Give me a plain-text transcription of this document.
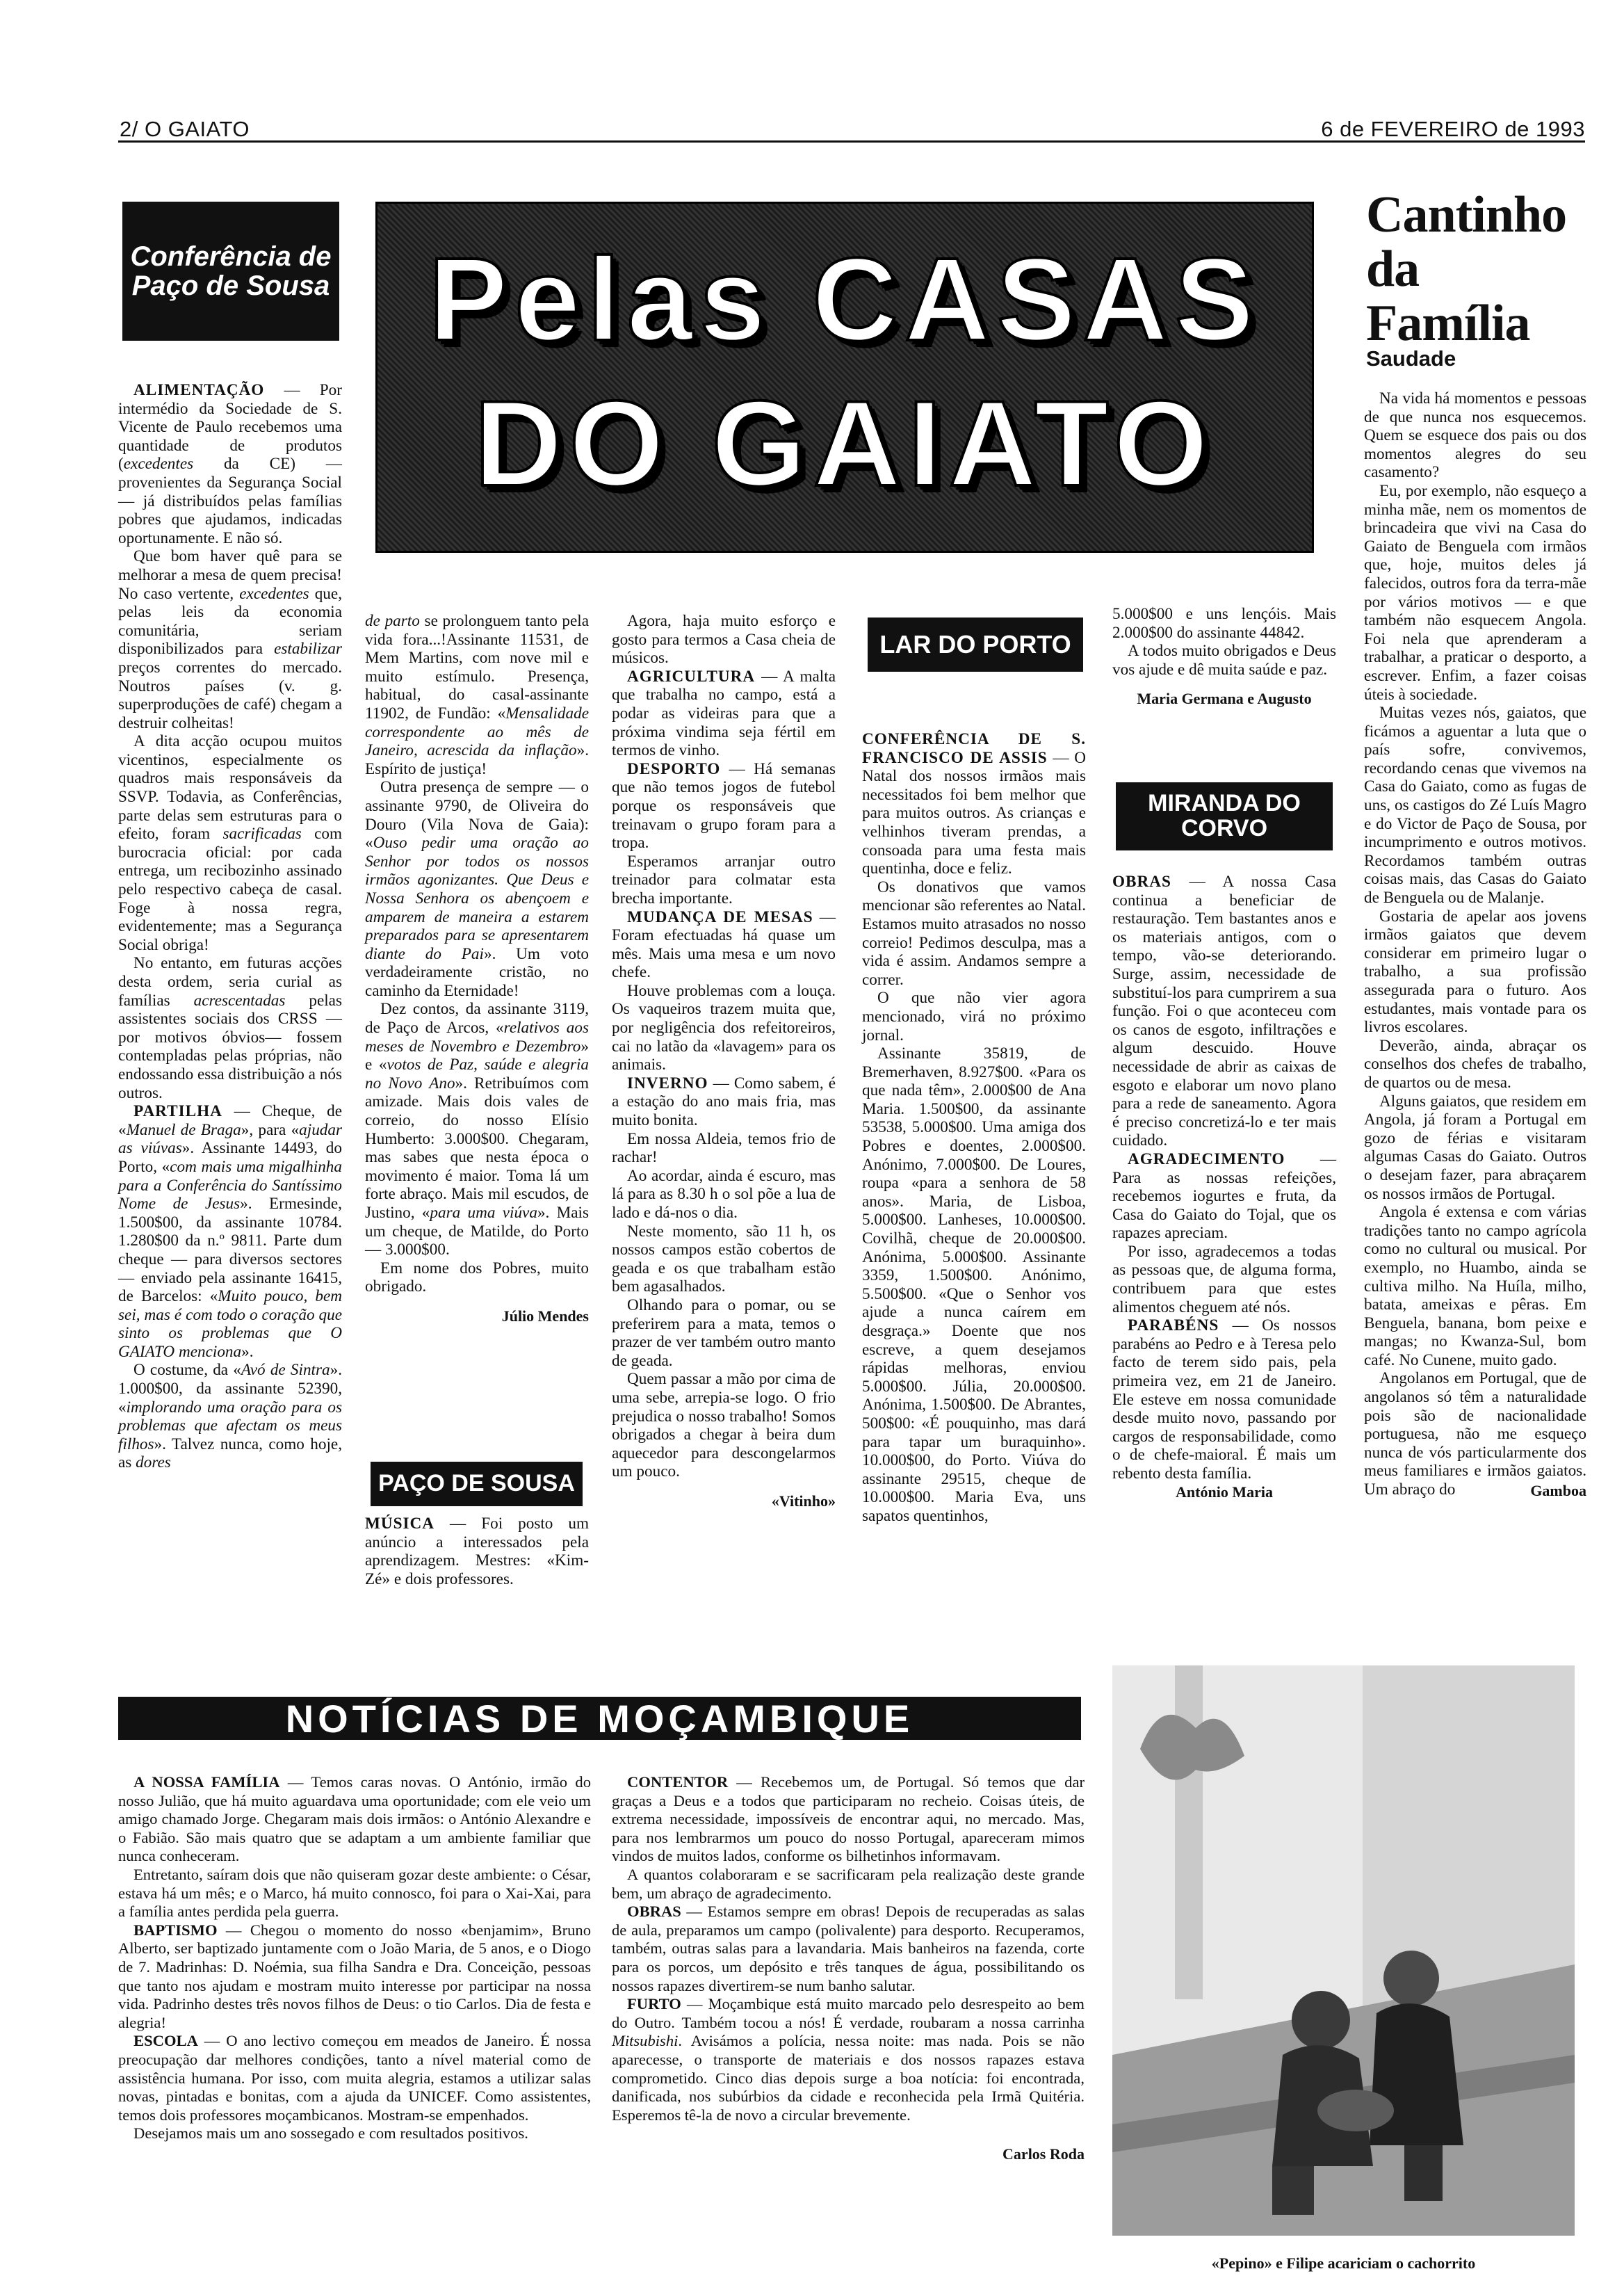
2/ O GAIATO	6 de FEVEREIRO de 1993
Conferência de Paço de Sousa

ALIMENTAÇÃO — Por intermédio da Sociedade de S. Vicente de Paulo recebemos uma quantidade de produtos (excedentes da CE) — provenientes da Segurança Social — já distribuídos pelas famílias pobres que ajudamos, indicadas oportunamente. E não só.

Que bom haver quê para se melhorar a mesa de quem precisa! No caso vertente, excedentes que, pelas leis da economia comunitária, seriam disponibilizados para estabilizar preços correntes do mercado. Noutros países (v. g. superproduções de café) chegam a destruir colheitas!

A dita acção ocupou muitos vicentinos, especialmente os quadros mais responsáveis da SSVP. Todavia, as Conferências, parte delas sem estruturas para o efeito, foram sacrificadas com burocracia oficial: por cada entrega, um recibozinho assinado pelo respectivo cabeça de casal. Foge à nossa regra, evidentemente; mas a Segurança Social obriga!

No entanto, em futuras acções desta ordem, seria curial as famílias acrescentadas pelas assistentes sociais dos CRSS — por motivos óbvios— fossem contempladas pelas próprias, não endossando essa distribuição a nós outros.

PARTILHA — Cheque, de «Manuel de Braga», para «ajudar as viúvas». Assinante 14493, do Porto, «com mais uma migalhinha para a Conferência do Santíssimo Nome de Jesus». Ermesinde, 1.500$00, da assinante 10784. 1.280$00 da n.º 9811. Parte dum cheque — para diversos sectores — enviado pela assinante 16415, de Barcelos: «Muito pouco, bem sei, mas é com todo o coração que sinto os problemas que O GAIATO menciona».

O costume, da «Avó de Sintra». 1.000$00, da assinante 52390, «implorando uma oração para os problemas que afectam os meus filhos». Talvez nunca, como hoje, as dores

Pelas CASAS
DO GAIATO

de parto se prolonguem tanto pela vida fora...!Assinante 11531, de Mem Martins, com nove mil e muito estímulo. Presença, habitual, do casal-assinante 11902, de Fundão: «Mensalidade correspondente ao mês de Janeiro, acrescida da inflação». Espírito de justiça!

Outra presença de sempre — o assinante 9790, de Oliveira do Douro (Vila Nova de Gaia): «Ouso pedir uma oração ao Senhor por todos os nossos irmãos agonizantes. Que Deus e Nossa Senhora os abençoem e amparem de maneira a estarem preparados para se apresentarem diante do Pai». Um voto verdadeiramente cristão, no caminho da Eternidade!

Dez contos, da assinante 3119, de Paço de Arcos, «relativos aos meses de Novembro e Dezembro» e «votos de Paz, saúde e alegria no Novo Ano». Retribuímos com amizade. Mais dois vales de correio, do nosso Elísio Humberto: 3.000$00. Chegaram, mas sabes que nesta época o movimento é maior. Toma lá um forte abraço. Mais mil escudos, de Justino, «para uma viúva». Mais um cheque, de Matilde, do Porto — 3.000$00.

Em nome dos Pobres, muito obrigado.

Júlio Mendes
PAÇO DE SOUSA

MÚSICA — Foi posto um anúncio a interessados pela aprendizagem. Mestres: «Kim-Zé» e dois professores.

Agora, haja muito esforço e gosto para termos a Casa cheia de músicos.

AGRICULTURA — A malta que trabalha no campo, está a podar as videiras para que a próxima vindima seja fértil em termos de vinho.

DESPORTO — Há semanas que não temos jogos de futebol porque os responsáveis que treinavam o grupo foram para a tropa.

Esperamos arranjar outro treinador para colmatar esta brecha importante.

MUDANÇA DE MESAS — Foram efectuadas há quase um mês. Mais uma mesa e um novo chefe.

Houve problemas com a louça. Os vaqueiros trazem muita que, por negligência dos refeitoreiros, cai no latão da «lavagem» para os animais.

INVERNO — Como sabem, é a estação do ano mais fria, mas muito bonita.

Em nossa Aldeia, temos frio de rachar!

Ao acordar, ainda é escuro, mas lá para as 8.30 h o sol põe a lua de lado e dá-nos o dia.

Neste momento, são 11 h, os nossos campos estão cobertos de geada e os que trabalham estão bem agasalhados.

Olhando para o pomar, ou se preferirem para a mata, temos o prazer de ver também outro manto de geada.

Quem passar a mão por cima de uma sebe, arrepia-se logo. O frio prejudica o nosso trabalho! Somos obrigados a chegar à beira dum aquecedor para descongelarmos um pouco.

«Vitinho»
LAR DO PORTO

CONFERÊNCIA DE S. FRANCISCO DE ASSIS — O Natal dos nossos irmãos mais necessitados foi bem melhor que para muitos outros. As crianças e velhinhos tiveram prendas, a consoada para uma festa mais quentinha, doce e feliz.

Os donativos que vamos mencionar são referentes ao Natal. Estamos muito atrasados no nosso correio! Pedimos desculpa, mas a vida é assim. Andamos sempre a correr.

O que não vier agora mencionado, virá no próximo jornal.

Assinante 35819, de Bremerhaven, 8.927$00. «Para os que nada têm», 2.000$00 de Ana Maria. 1.500$00, da assinante 53538, 5.000$00. Uma amiga dos Pobres e doentes, 2.000$00. Anónimo, 7.000$00. De Loures, roupa «para a senhora de 58 anos». Maria, de Lisboa, 5.000$00. Lanheses, 10.000$00. Covilhã, cheque de 20.000$00. Anónima, 5.000$00. Assinante 3359, 1.500$00. Anónimo, 5.500$00. «Que o Senhor vos ajude a nunca caírem em desgraça.» Doente que nos escreve, a quem desejamos rápidas melhoras, enviou 5.000$00. Júlia, 20.000$00. Anónima, 1.500$00. De Abrantes, 500$00: «É pouquinho, mas dará para tapar um buraquinho». 10.000$00, do Porto. Viúva do assinante 29515, cheque de 10.000$00. Maria Eva, uns sapatos quentinhos,

5.000$00 e uns lençóis. Mais 2.000$00 do assinante 44842.

A todos muito obrigados e Deus vos ajude e dê muita saúde e paz.

Maria Germana e Augusto
MIRANDA DO CORVO

OBRAS — A nossa Casa continua a beneficiar de restauração. Tem bastantes anos e os materiais antigos, com o tempo, vão-se deteriorando. Surge, assim, necessidade de substituí-los para cumprirem a sua função. Foi o que aconteceu com os canos de esgoto, infiltrações e algum descuido. Houve necessidade de abrir as caixas de esgoto e elaborar um novo plano para a rede de saneamento. Agora é preciso concretizá-lo e ter mais cuidado.

AGRADECIMENTO — Para as nossas refeições, recebemos iogurtes e fruta, da Casa do Gaiato do Tojal, que os rapazes apreciam.

Por isso, agradecemos a todas as pessoas que, de alguma forma, contribuem para que estes alimentos cheguem até nós.

PARABÉNS — Os nossos parabéns ao Pedro e à Teresa pelo facto de terem sido pais, pela primeira vez, em 21 de Janeiro. Ele esteve em nossa comunidade desde muito novo, passando por cargos de responsabilidade, como o de chefe-maioral. É mais um rebento desta família.

António Maria
Cantinho da Família
Saudade

Na vida há momentos e pessoas de que nunca nos esquecemos. Quem se esquece dos pais ou dos momentos alegres do seu casamento?

Eu, por exemplo, não esqueço a minha mãe, nem os momentos de brincadeira que vivi na Casa do Gaiato de Benguela com irmãos que, hoje, muitos deles já falecidos, outros fora da terra-mãe por vários motivos — e que também não esquecem Angola. Foi nela que aprenderam a trabalhar, a praticar o desporto, a escrever. Enfim, a fazer coisas úteis à sociedade.

Muitas vezes nós, gaiatos, que ficámos a aguentar a luta que o país sofre, convivemos, recordando cenas que vivemos na Casa do Gaiato, como as fugas de uns, os castigos do Zé Luís Magro e do Victor de Paço de Sousa, por incumprimento e outros motivos. Recordamos também outras coisas mais, das Casas do Gaiato de Benguela ou de Malanje.

Gostaria de apelar aos jovens irmãos gaiatos que devem considerar em primeiro lugar o trabalho, a sua profissão assegurada para o futuro. Aos estudantes, mais vontade para os livros escolares.

Deverão, ainda, abraçar os conselhos dos chefes de trabalho, de quartos ou de mesa.

Alguns gaiatos, que residem em Angola, já foram a Portugal em gozo de férias e visitaram algumas Casas do Gaiato. Outros o desejam fazer, para abraçarem os nossos irmãos de Portugal.

Angola é extensa e com várias tradições tanto no campo agrícola como no cultural ou musical. Por exemplo, no Huambo, ainda se cultiva milho. Na Huíla, milho, batata, ameixas e pêras. Em Benguela, banana, bom peixe e mangas; no Kwanza-Sul, bom café. No Cunene, muito gado.

Angolanos em Portugal, que de angolanos só têm a naturalidade pois são de nacionalidade portuguesa, não me esqueço nunca de vós particularmente dos meus familiares e irmãos gaiatos. Um abraço do	Gamboa
NOTÍCIAS DE MOÇAMBIQUE

A NOSSA FAMÍLIA — Temos caras novas. O António, irmão do nosso Julião, que há muito aguardava uma oportunidade; com ele veio um amigo chamado Jorge. Chegaram mais dois irmãos: o António Alexandre e o Fabião. São mais quatro que se adaptam a um ambiente familiar que nunca conheceram.

Entretanto, saíram dois que não quiseram gozar deste ambiente: o César, estava há um mês; e o Marco, há muito connosco, foi para o Xai-Xai, para a família antes perdida pela guerra.

BAPTISMO — Chegou o momento do nosso «benjamim», Bruno Alberto, ser baptizado juntamente com o João Maria, de 5 anos, e o Diogo de 7. Madrinhas: D. Noémia, sua filha Sandra e Dra. Conceição, pessoas que tanto nos ajudam e mostram muito interesse por participar na nossa vida. Padrinho destes três novos filhos de Deus: o tio Carlos. Dia de festa e alegria!

ESCOLA — O ano lectivo começou em meados de Janeiro. É nossa preocupação dar melhores condições, tanto a nível material como de assistência humana. Por isso, com muita alegria, estamos a utilizar salas novas, pintadas e bonitas, com a ajuda da UNICEF. Como assistentes, temos dois professores moçambicanos. Mostram-se empenhados.

Desejamos mais um ano sossegado e com resultados positivos.

CONTENTOR — Recebemos um, de Portugal. Só temos que dar graças a Deus e a todos que participaram no recheio. Coisas úteis, de extrema necessidade, impossíveis de encontrar aqui, no mercado. Mas, para nos lembrarmos um pouco do nosso Portugal, apareceram mimos vindos de muitos lados, conforme os bilhetinhos informavam.

A quantos colaboraram e se sacrificaram pela realização deste grande bem, um abraço de agradecimento.

OBRAS — Estamos sempre em obras! Depois de recuperadas as salas de aula, preparamos um campo (polivalente) para desporto. Recuperamos, também, outras salas para a lavandaria. Mais banheiros na fazenda, corte para os porcos, um depósito e três tanques de água, possibilitando os nossos rapazes divertirem-se num banho salutar.

FURTO — Moçambique está muito marcado pelo desrespeito ao bem do Outro. Também tocou a nós! É verdade, roubaram a nossa carrinha Mitsubishi. Avisámos a polícia, nessa noite: mas nada. Pois se não aparecesse, o transporte de materiais e dos nossos rapazes estava comprometido. Cinco dias depois surge a boa notícia: foi encontrada, danificada, nos subúrbios da cidade e reconhecida pela Irmã Quitéria. Esperemos tê-la de novo a circular brevemente.

Carlos Roda
«Pepino» e Filipe acariciam o cachorrito
